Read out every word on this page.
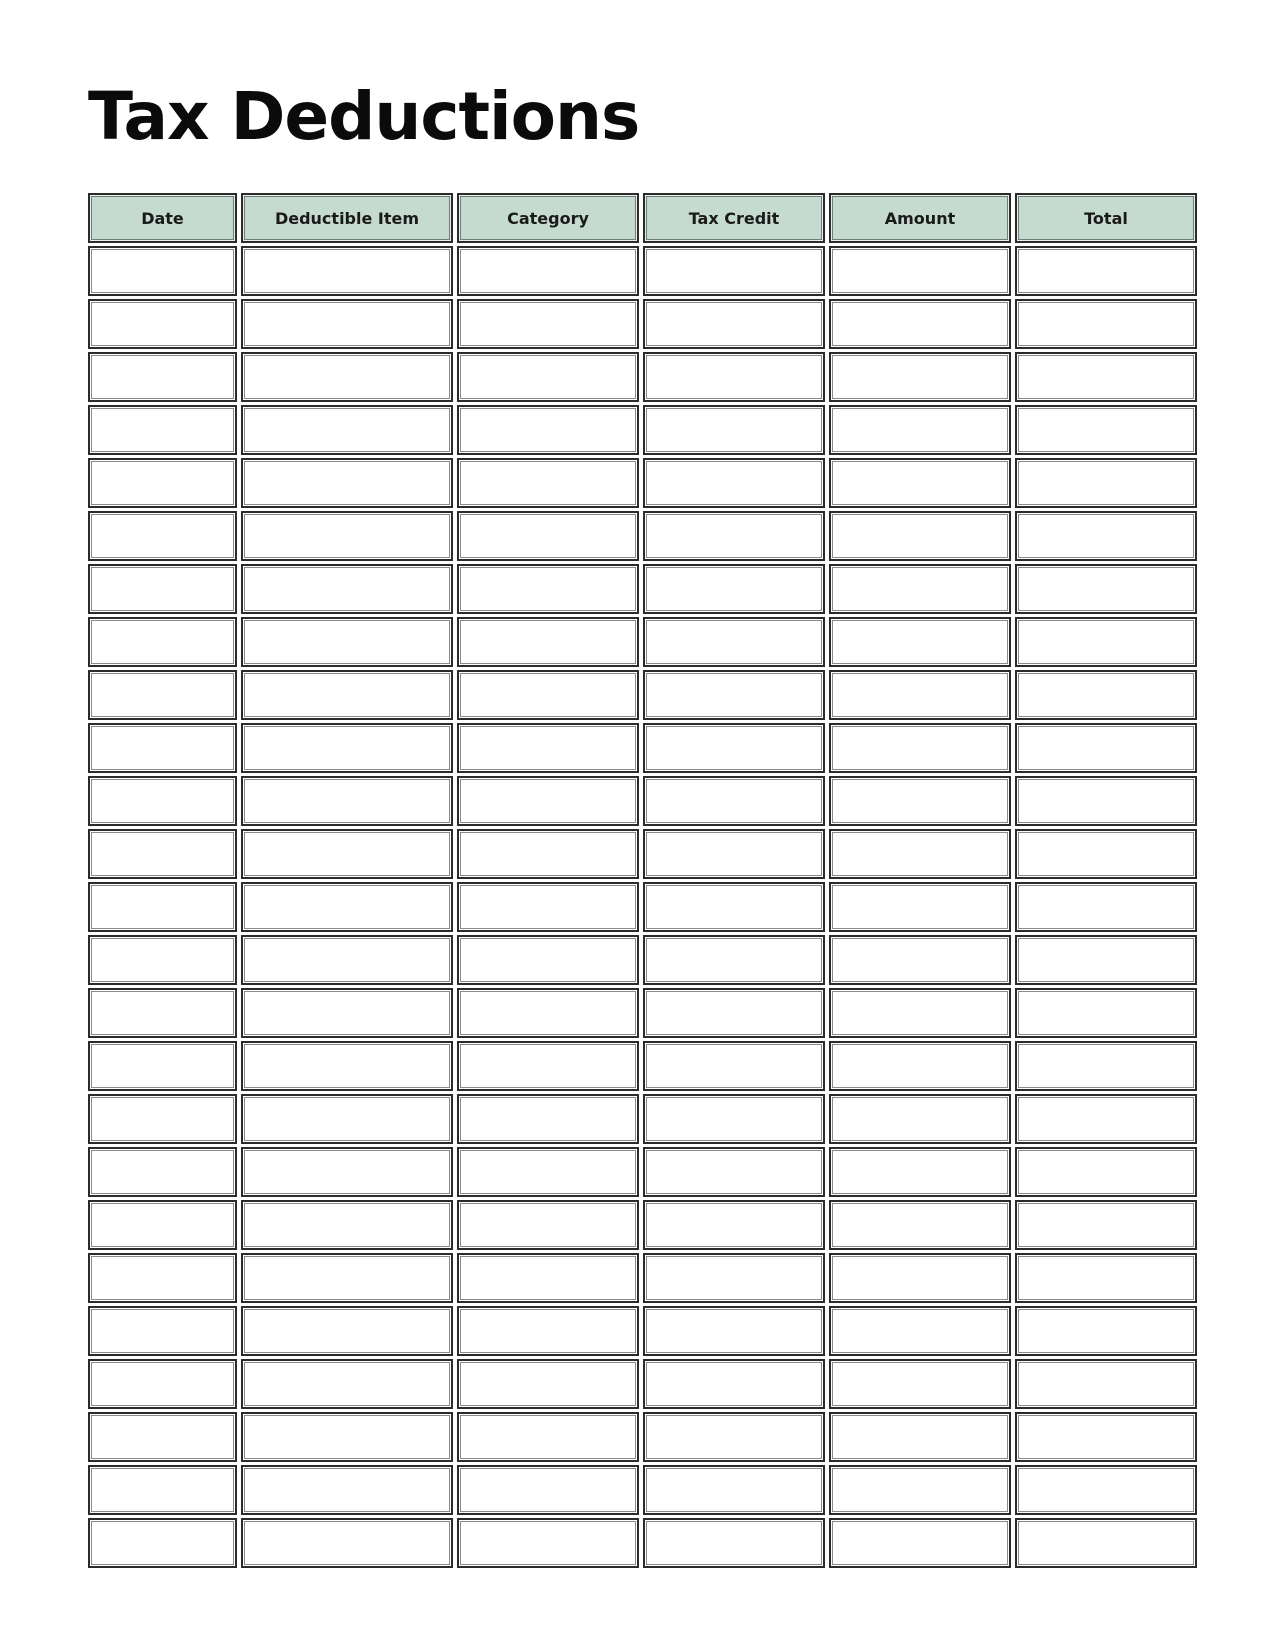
Tax Deductions
Date	Deductible Item	Category	Tax Credit	Amount	Total
